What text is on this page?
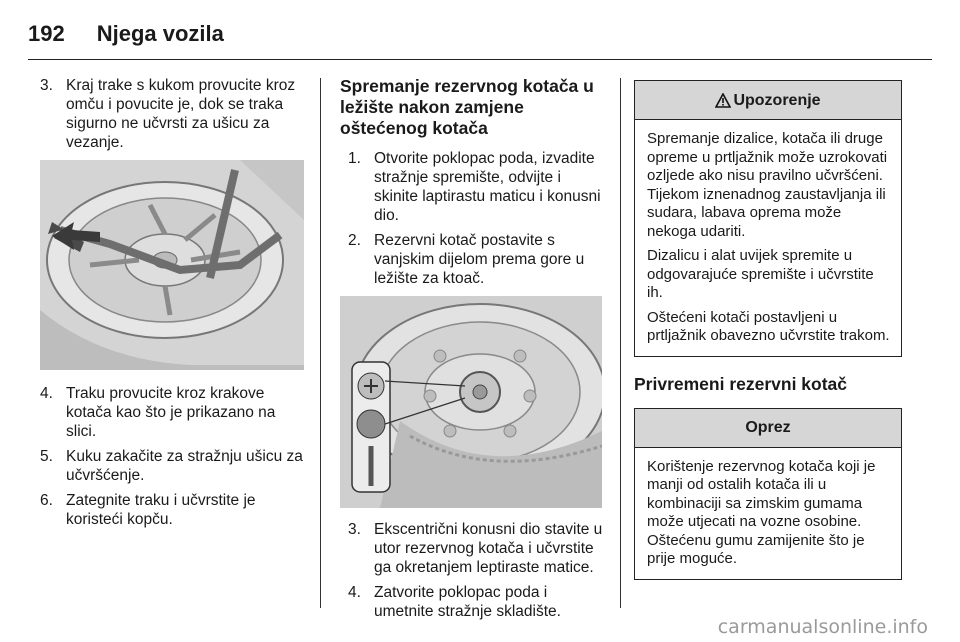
192 Njega vozila
3. Kraj trake s kukom provucite kroz omču i povucite je, dok se traka sigurno ne učvrsti za ušicu za vezanje.
4. Traku provucite kroz krakove kotača kao što je prikazano na slici.
5. Kuku zakačite za stražnju ušicu za učvršćenje.
6. Zategnite traku i učvrstite je koristeći kopču.
Spremanje rezervnog kotača u ležište nakon zamjene oštećenog kotača
1. Otvorite poklopac poda, izvadite stražnje spremište, odvijte i skinite laptirastu maticu i konusni dio.
2. Rezervni kotač postavite s vanjskim dijelom prema gore u ležište za ktoač.
3. Ekscentrični konusni dio stavite u utor rezervnog kotača i učvrstite ga okretanjem leptiraste matice.
4. Zatvorite poklopac poda i umetnite stražnje skladište.
Upozorenje

Spremanje dizalice, kotača ili druge opreme u prtljažnik može uzrokovati ozljede ako nisu pravilno učvršćeni. Tijekom iznenadnog zaustavljanja ili sudara, labava oprema može nekoga udariti.

Dizalicu i alat uvijek spremite u odgovarajuće spremište i učvrstite ih.

Oštećeni kotači postavljeni u prtljažnik obavezno učvrstite trakom.

Privremeni rezervni kotač
Oprez

Korištenje rezervnog kotača koji je manji od ostalih kotača ili u kombinaciji sa zimskim gumama može utjecati na vozne osobine. Oštećenu gumu zamijenite što je prije moguće.

carmanualsonline.info
